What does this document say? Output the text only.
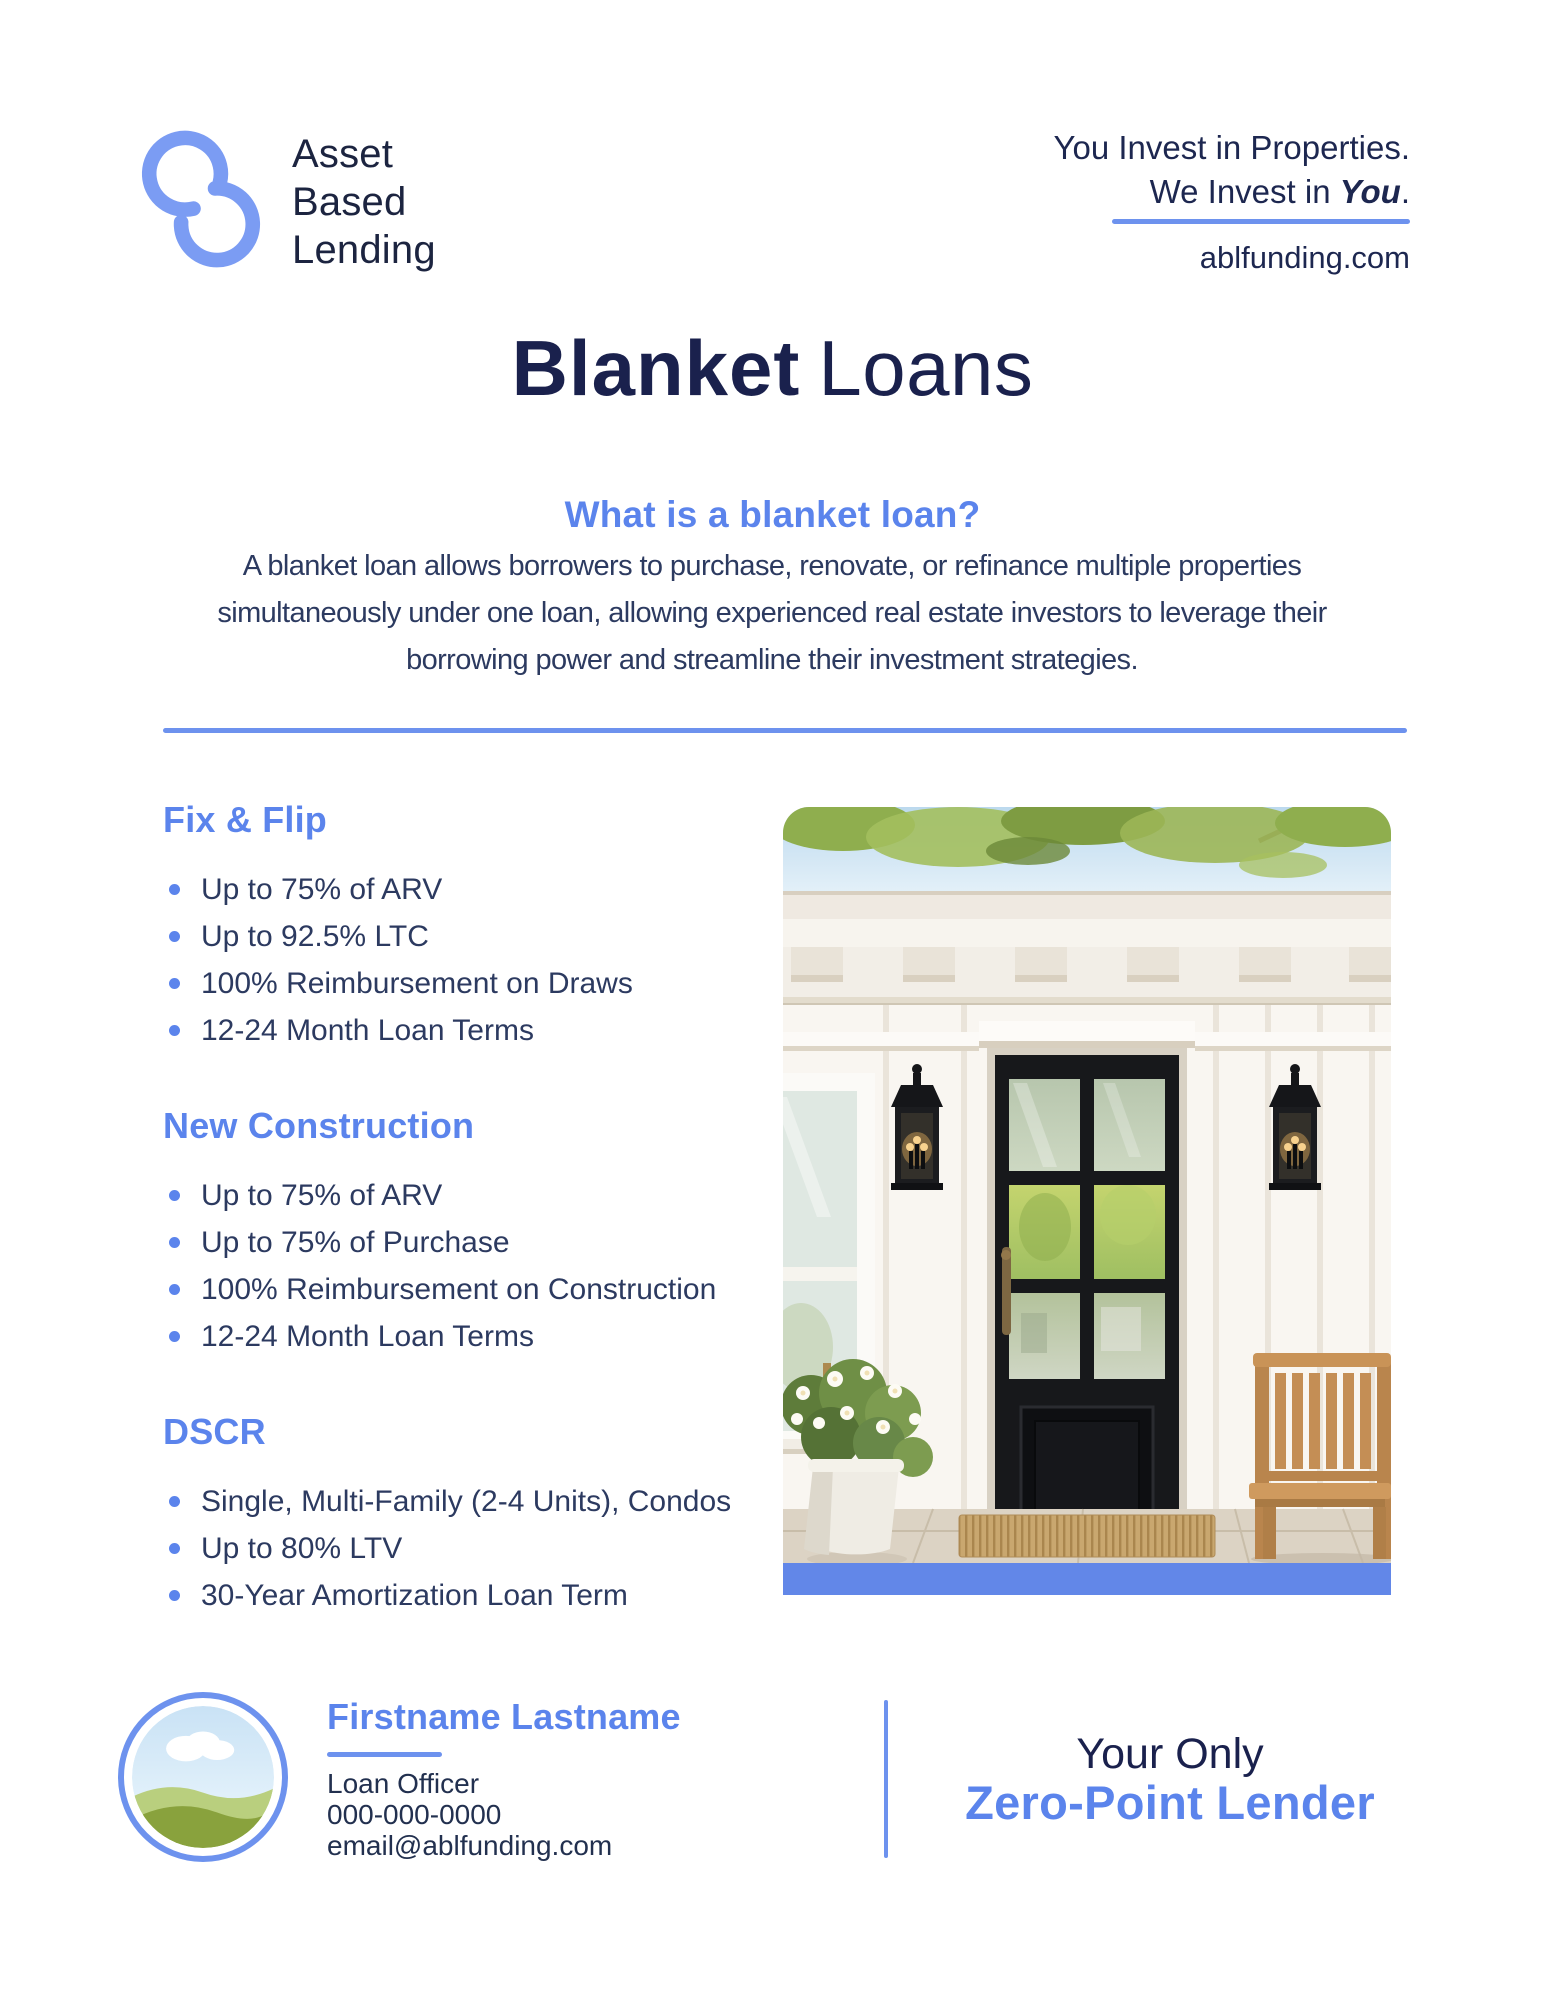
Asset
Based
Lending
You Invest in Properties.
We Invest in You.
ablfunding.com
Blanket Loans
What is a blanket loan?
A blanket loan allows borrowers to purchase, renovate, or refinance multiple properties simultaneously under one loan, allowing experienced real estate investors to leverage their borrowing power and streamline their investment strategies.
Fix & Flip
Up to 75% of ARV
Up to 92.5% LTC
100% Reimbursement on Draws
12-24 Month Loan Terms
New Construction
Up to 75% of ARV
Up to 75% of Purchase
100% Reimbursement on Construction
12-24 Month Loan Terms
DSCR
Single, Multi-Family (2-4 Units), Condos
Up to 80% LTV
30-Year Amortization Loan Term
Firstname Lastname
Loan Officer
000-000-0000
email@ablfunding.com
Your Only
Zero-Point Lender
